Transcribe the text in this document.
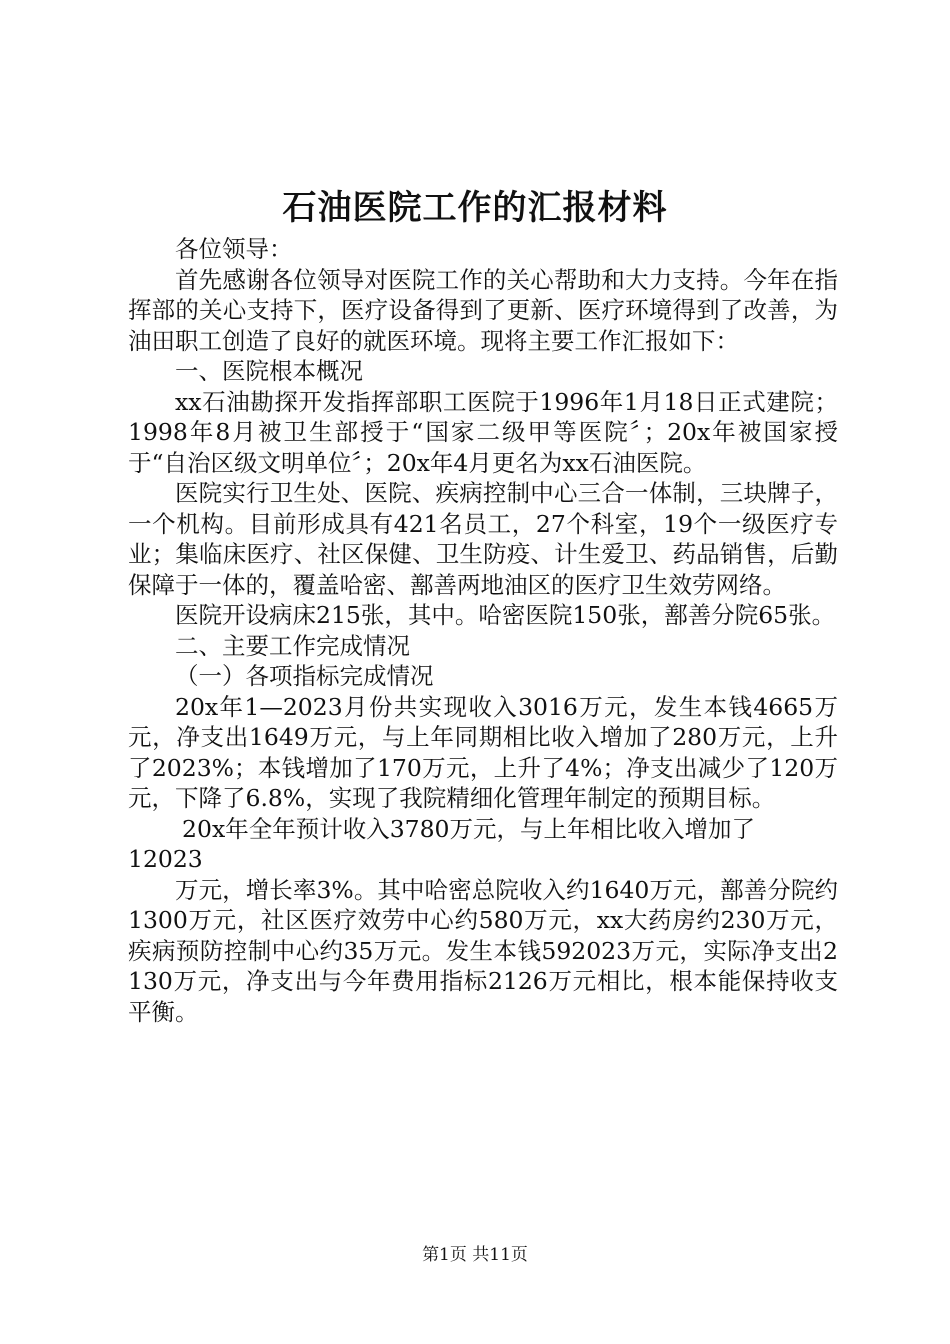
石油医院工作的汇报材料

各位领导：

首先感谢各位领导对医院工作的关心帮助和大力支持。今年在指挥部的关心支持下，医疗设备得到了更新、医疗环境得到了改善，为油田职工创造了良好的就医环境。现将主要工作汇报如下：

一、医院根本概况

xx石油勘探开发指挥部职工医院于1996年1月18日正式建院；1998年8月被卫生部授于“国家二级甲等医院〞；20x年被国家授于“自治区级文明单位〞；20x年4月更名为xx石油医院。

医院实行卫生处、医院、疾病控制中心三合一体制，三块牌子，一个机构。目前形成具有421名员工，27个科室，19个一级医疗专业；集临床医疗、社区保健、卫生防疫、计生爱卫、药品销售，后勤保障于一体的，覆盖哈密、鄯善两地油区的医疗卫生效劳网络。

医院开设病床215张，其中。哈密医院150张，鄯善分院65张。

二、主要工作完成情况

（一）各项指标完成情况

20x年1—2023月份共实现收入3016万元，发生本钱4665万元，净支出1649万元，与上年同期相比收入增加了280万元，上升了2023%；本钱增加了170万元，上升了4%；净支出减少了120万元，下降了6.8%，实现了我院精细化管理年制定的预期目标。

20x年全年预计收入3780万元，与上年相比收入增加了

12023

万元，增长率3%。其中哈密总院收入约1640万元，鄯善分院约1300万元，社区医疗效劳中心约580万元，xx大药房约230万元，疾病预防控制中心约35万元。发生本钱592023万元，实际净支出2130万元，净支出与今年费用指标2126万元相比，根本能保持收支平衡。

第1页 共11页
